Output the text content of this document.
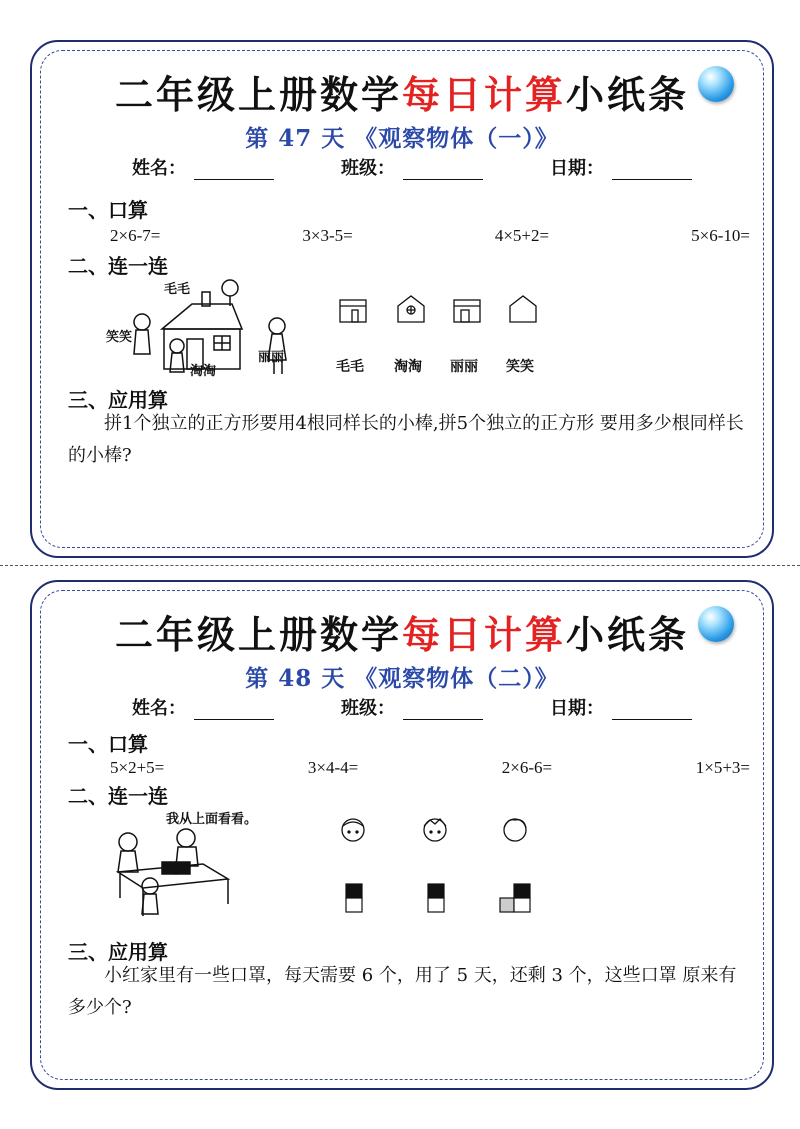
二年级上册数学每日计算小纸条
第 47 天 《观察物体（一）》
姓名：	班级：	日期：
一、口算
2×6-7=	3×3-5=	4×5+2=	5×6-10=
二、连一连
毛毛
笑笑
淘淘
丽丽
毛毛 淘淘 丽丽 笑笑
三、应用算
拼1个独立的正方形要用4根同样长的小棒,拼5个独立的正方形 要用多少根同样长的小棒?
二年级上册数学每日计算小纸条
第 48 天 《观察物体（二）》
姓名：	班级：	日期：
一、口算
5×2+5=	3×4-4=	2×6-6=	1×5+3=
二、连一连
我从上面看看。
三、应用算
小红家里有一些口罩，每天需要 6 个，用了 5 天，还剩 3 个，这些口罩 原来有多少个?
